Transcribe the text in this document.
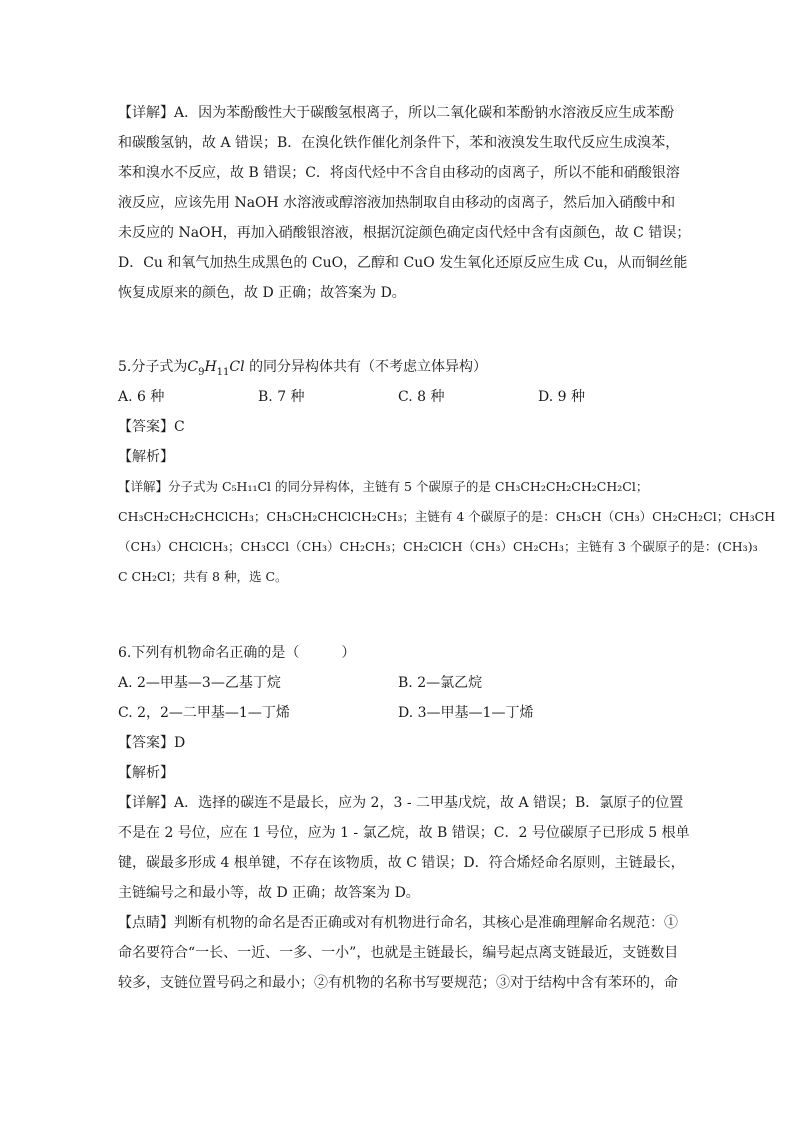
【详解】A．因为苯酚酸性大于碳酸氢根离子，所以二氧化碳和苯酚钠水溶液反应生成苯酚
和碳酸氢钠，故 A 错误；B．在溴化铁作催化剂条件下，苯和液溴发生取代反应生成溴苯，
苯和溴水不反应，故 B 错误；C．将卤代烃中不含自由移动的卤离子，所以不能和硝酸银溶
液反应，应该先用 NaOH 水溶液或醇溶液加热制取自由移动的卤离子，然后加入硝酸中和
未反应的 NaOH，再加入硝酸银溶液，根据沉淀颜色确定卤代烃中含有卤颜色，故 C 错误；
D．Cu 和氧气加热生成黑色的 CuO，乙醇和 CuO 发生氧化还原反应生成 Cu，从而铜丝能
恢复成原来的颜色，故 D 正确；故答案为 D。
5.分子式为$C_9H_{11}Cl$ 的同分异构体共有（不考虑立体异构）
A. 6 种	B. 7 种	C. 8 种	D. 9 种
【答案】C
【解析】
【详解】分子式为 C₅H₁₁Cl 的同分异构体，主链有 5 个碳原子的是 CH₃CH₂CH₂CH₂CH₂Cl；
CH₃CH₂CH₂CHClCH₃；CH₃CH₂CHClCH₂CH₃；主链有 4 个碳原子的是：CH₃CH（CH₃）CH₂CH₂Cl；CH₃CH
（CH₃）CHClCH₃；CH₃CCl（CH₃）CH₂CH₃；CH₂ClCH（CH₃）CH₂CH₃；主链有 3 个碳原子的是：(CH₃)₃
C CH₂Cl；共有 8 种，选 C。
6.下列有机物命名正确的是（　　　）
A. 2—甲基—3—乙基丁烷	B. 2—氯乙烷
C. 2，2—二甲基—1—丁烯	D. 3—甲基—1—丁烯
【答案】D
【解析】
【详解】A．选择的碳连不是最长，应为 2，3 - 二甲基戊烷，故 A 错误；B．氯原子的位置
不是在 2 号位，应在 1 号位，应为 1 - 氯乙烷，故 B 错误；C．2 号位碳原子已形成 5 根单
键，碳最多形成 4 根单键，不存在该物质，故 C 错误；D．符合烯烃命名原则，主链最长，
主链编号之和最小等，故 D 正确；故答案为 D。
【点睛】判断有机物的命名是否正确或对有机物进行命名，其核心是准确理解命名规范：①
命名要符合“一长、一近、一多、一小”，也就是主链最长，编号起点离支链最近，支链数目
较多，支链位置号码之和最小；②有机物的名称书写要规范；③对于结构中含有苯环的，命
